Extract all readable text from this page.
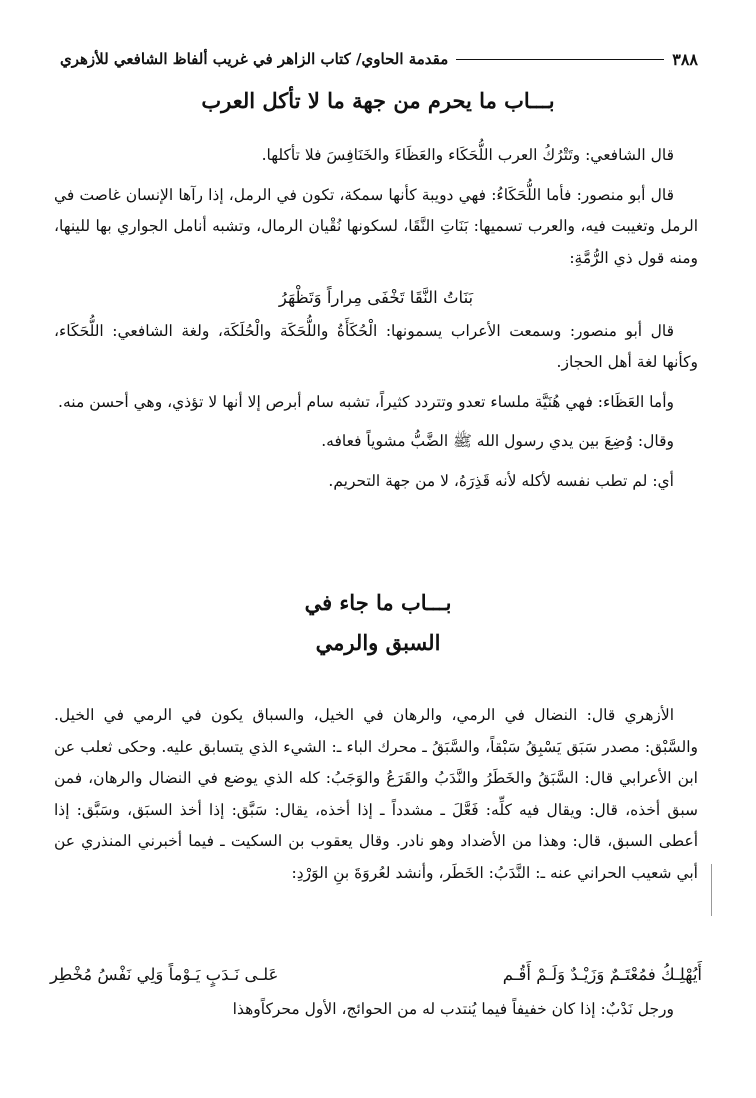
٣٨٨
مقدمة الحاوي/ كتاب الزاهر في غريب ألفاظ الشافعي للأزهري
بـــاب ما يحرم من جهة ما لا تأكل العرب

قال الشافعي: وتَتْرُكُ العرب اللُّحَكَاء والعَظَاءَ والخَنَافِسَ فلا تأكلها.

قال أبو منصور: فأما اللُّحَكَاءُ: فهي دويبة كأنها سمكة، تكون في الرمل، إذا رآها الإنسان غاصت في الرمل وتغيبت فيه، والعرب تسميها: بَنَاتِ النَّقَا، لسكونها نُقْيان الرمال، وتشبه أنامل الجواري بها للينها، ومنه قول ذي الرُّمَّةِ:

بَنَاتُ النَّقَا تَخْفَى مِراراً وَتَظْهَرُ

قال أبو منصور: وسمعت الأعراب يسمونها: الْحُكَأَةُ واللُّحَكَة والْحُلَكَة، ولغة الشافعي: اللُّحَكَاء، وكأنها لغة أهل الحجاز.

وأما العَظَاء: فهي هُنَيَّة ملساء تعدو وتتردد كثيراً، تشبه سام أبرص إلا أنها لا تؤذي، وهي أحسن منه.

وقال: وُضِعَ بين يدي رسول الله ﷺ الضَّبُّ مشوياً فعافه.

أي: لم تطب نفسه لأكله لأنه قَذِرَهُ، لا من جهة التحريم.

بـــاب ما جاء في
السبق والرمي

الأزهري قال: النضال في الرمي، والرهان في الخيل، والسباق يكون في الرمي في الخيل. والسَّبْق: مصدر سَبَق يَسْبِقُ سَبْقاً، والسَّبَقُ ـ محرك الباء ـ: الشيء الذي يتسابق عليه. وحكى ثعلب عن ابن الأعرابي قال: السَّبَقُ والخَطَرُ والنَّدَبُ والقَرَعُ والوَجَبُ: كله الذي يوضع في النضال والرهان، فمن سبق أخذه، قال: ويقال فيه كلِّه: فَعَّلَ ـ مشدداً ـ إذا أخذه، يقال: سَبَّق: إذا أخذ السبَق، وسَبَّق: إذا أعطى السبق، قال: وهذا من الأضداد وهو نادر. وقال يعقوب بن السكيت ـ فيما أخبرني المنذري عن أبي شعيب الحراني عنه ـ: النَّدَبُ: الخَطَر، وأنشد لعُروَةَ بنِ الوَرْدِ:

أَيُهْلِـكُ فمُعْتَـمٌ وَزَيْـدٌ وَلَـمْ أَقُـم
عَلـى نَـدَبٍ يَـوْماً وَلِي نَفْسُ مُخْطِر
ورجل نَدْبٌ: إذا كان خفيفاً فيما يُنتدب له من الحوائج، الأول محركاًوهذا
